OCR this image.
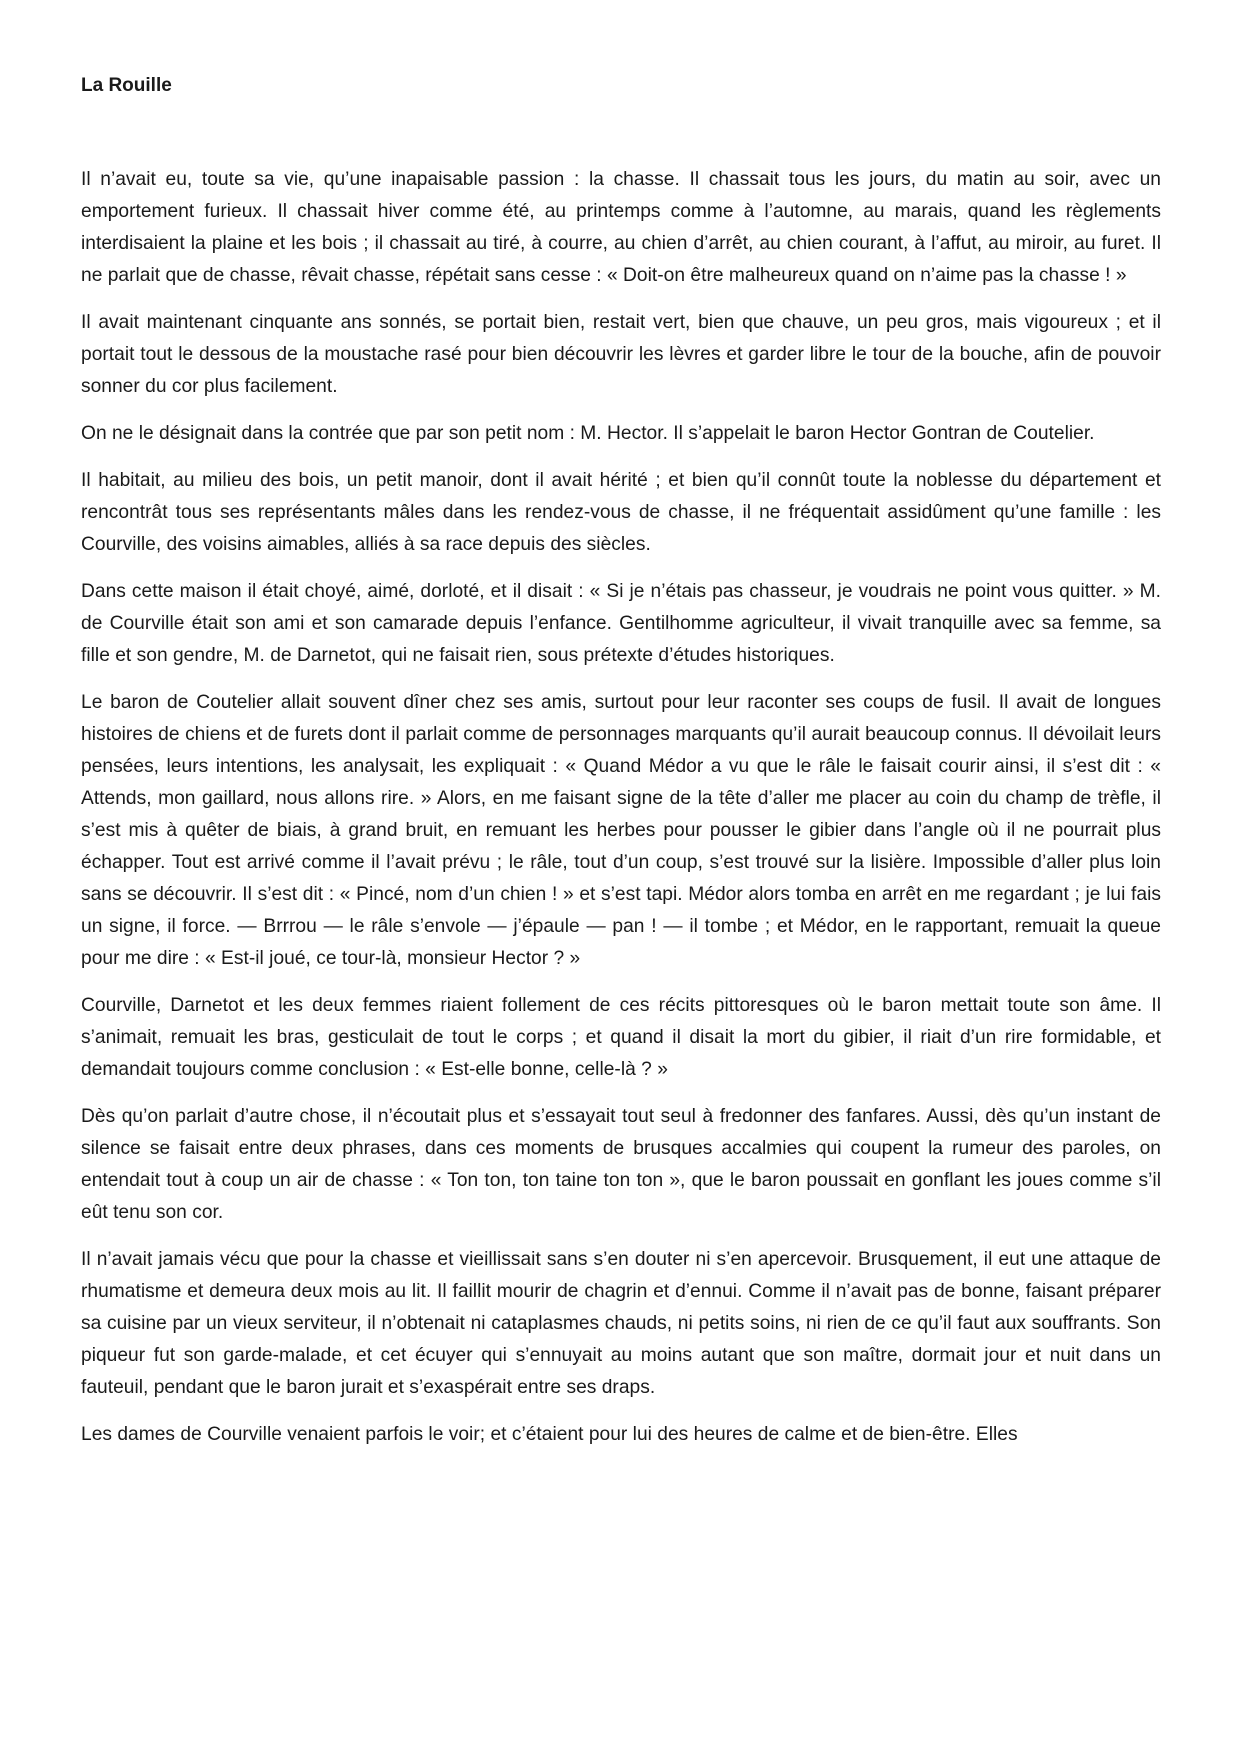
La Rouille

Il n’avait eu, toute sa vie, qu’une inapaisable passion : la chasse. Il chassait tous les jours, du matin au soir, avec un emportement furieux. Il chassait hiver comme été, au printemps comme à l’automne, au marais, quand les règlements interdisaient la plaine et les bois ; il chassait au tiré, à courre, au chien d’arrêt, au chien courant, à l’affut, au miroir, au furet. Il ne parlait que de chasse, rêvait chasse, répétait sans cesse : « Doit-on être malheureux quand on n’aime pas la chasse ! »

Il avait maintenant cinquante ans sonnés, se portait bien, restait vert, bien que chauve, un peu gros, mais vigoureux ; et il portait tout le dessous de la moustache rasé pour bien découvrir les lèvres et garder libre le tour de la bouche, afin de pouvoir sonner du cor plus facilement.

On ne le désignait dans la contrée que par son petit nom : M. Hector. Il s’appelait le baron Hector Gontran de Coutelier.

Il habitait, au milieu des bois, un petit manoir, dont il avait hérité ; et bien qu’il connût toute la noblesse du département et rencontrât tous ses représentants mâles dans les rendez-vous de chasse, il ne fréquentait assidûment qu’une famille : les Courville, des voisins aimables, alliés à sa race depuis des siècles.

Dans cette maison il était choyé, aimé, dorloté, et il disait : « Si je n’étais pas chasseur, je voudrais ne point vous quitter. » M. de Courville était son ami et son camarade depuis l’enfance. Gentilhomme agriculteur, il vivait tranquille avec sa femme, sa fille et son gendre, M. de Darnetot, qui ne faisait rien, sous prétexte d’études historiques.

Le baron de Coutelier allait souvent dîner chez ses amis, surtout pour leur raconter ses coups de fusil. Il avait de longues histoires de chiens et de furets dont il parlait comme de personnages marquants qu’il aurait beaucoup connus. Il dévoilait leurs pensées, leurs intentions, les analysait, les expliquait : « Quand Médor a vu que le râle le faisait courir ainsi, il s’est dit : « Attends, mon gaillard, nous allons rire. » Alors, en me faisant signe de la tête d’aller me placer au coin du champ de trèfle, il s’est mis à quêter de biais, à grand bruit, en remuant les herbes pour pousser le gibier dans l’angle où il ne pourrait plus échapper. Tout est arrivé comme il l’avait prévu ; le râle, tout d’un coup, s’est trouvé sur la lisière. Impossible d’aller plus loin sans se découvrir. Il s’est dit : « Pincé, nom d’un chien ! » et s’est tapi. Médor alors tomba en arrêt en me regardant ; je lui fais un signe, il force. — Brrrou — le râle s’envole — j’épaule — pan ! — il tombe ; et Médor, en le rapportant, remuait la queue pour me dire : « Est-il joué, ce tour-là, monsieur Hector ? »

Courville, Darnetot et les deux femmes riaient follement de ces récits pittoresques où le baron mettait toute son âme. Il s’animait, remuait les bras, gesticulait de tout le corps ; et quand il disait la mort du gibier, il riait d’un rire formidable, et demandait toujours comme conclusion : « Est-elle bonne, celle-là ? »

Dès qu’on parlait d’autre chose, il n’écoutait plus et s’essayait tout seul à fredonner des fanfares. Aussi, dès qu’un instant de silence se faisait entre deux phrases, dans ces moments de brusques accalmies qui coupent la rumeur des paroles, on entendait tout à coup un air de chasse : « Ton ton, ton taine ton ton », que le baron poussait en gonflant les joues comme s’il eût tenu son cor.

Il n’avait jamais vécu que pour la chasse et vieillissait sans s’en douter ni s’en apercevoir. Brusquement, il eut une attaque de rhumatisme et demeura deux mois au lit. Il faillit mourir de chagrin et d’ennui. Comme il n’avait pas de bonne, faisant préparer sa cuisine par un vieux serviteur, il n’obtenait ni cataplasmes chauds, ni petits soins, ni rien de ce qu’il faut aux souffrants. Son piqueur fut son garde-malade, et cet écuyer qui s’ennuyait au moins autant que son maître, dormait jour et nuit dans un fauteuil, pendant que le baron jurait et s’exaspérait entre ses draps.

Les dames de Courville venaient parfois le voir; et c’étaient pour lui des heures de calme et de bien-être. Elles
